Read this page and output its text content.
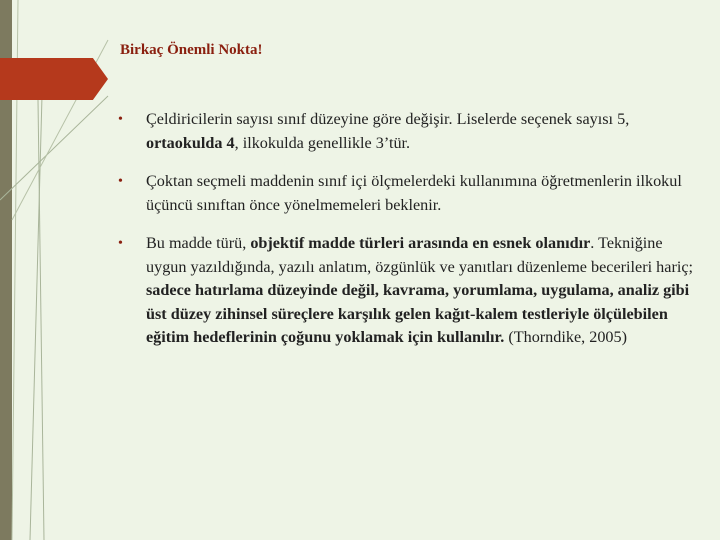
Birkaç Önemli Nokta!
•	Çeldiricilerin sayısı sınıf düzeyine göre değişir. Liselerde seçenek sayısı 5, ortaokulda 4, ilkokulda genellikle 3’tür.
•	Çoktan seçmeli maddenin sınıf içi ölçmelerdeki kullanımına öğretmenlerin ilkokul üçüncü sınıftan önce yönelmemeleri beklenir.
•	Bu madde türü, objektif madde türleri arasında en esnek olanıdır. Tekniğine uygun yazıldığında, yazılı anlatım, özgünlük ve yanıtları düzenleme becerileri hariç; sadece hatırlama düzeyinde değil, kavrama, yorumlama, uygulama, analiz gibi üst düzey zihinsel süreçlere karşılık gelen kağıt-kalem testleriyle ölçülebilen eğitim hedeflerinin çoğunu yoklamak için kullanılır. (Thorndike, 2005)
